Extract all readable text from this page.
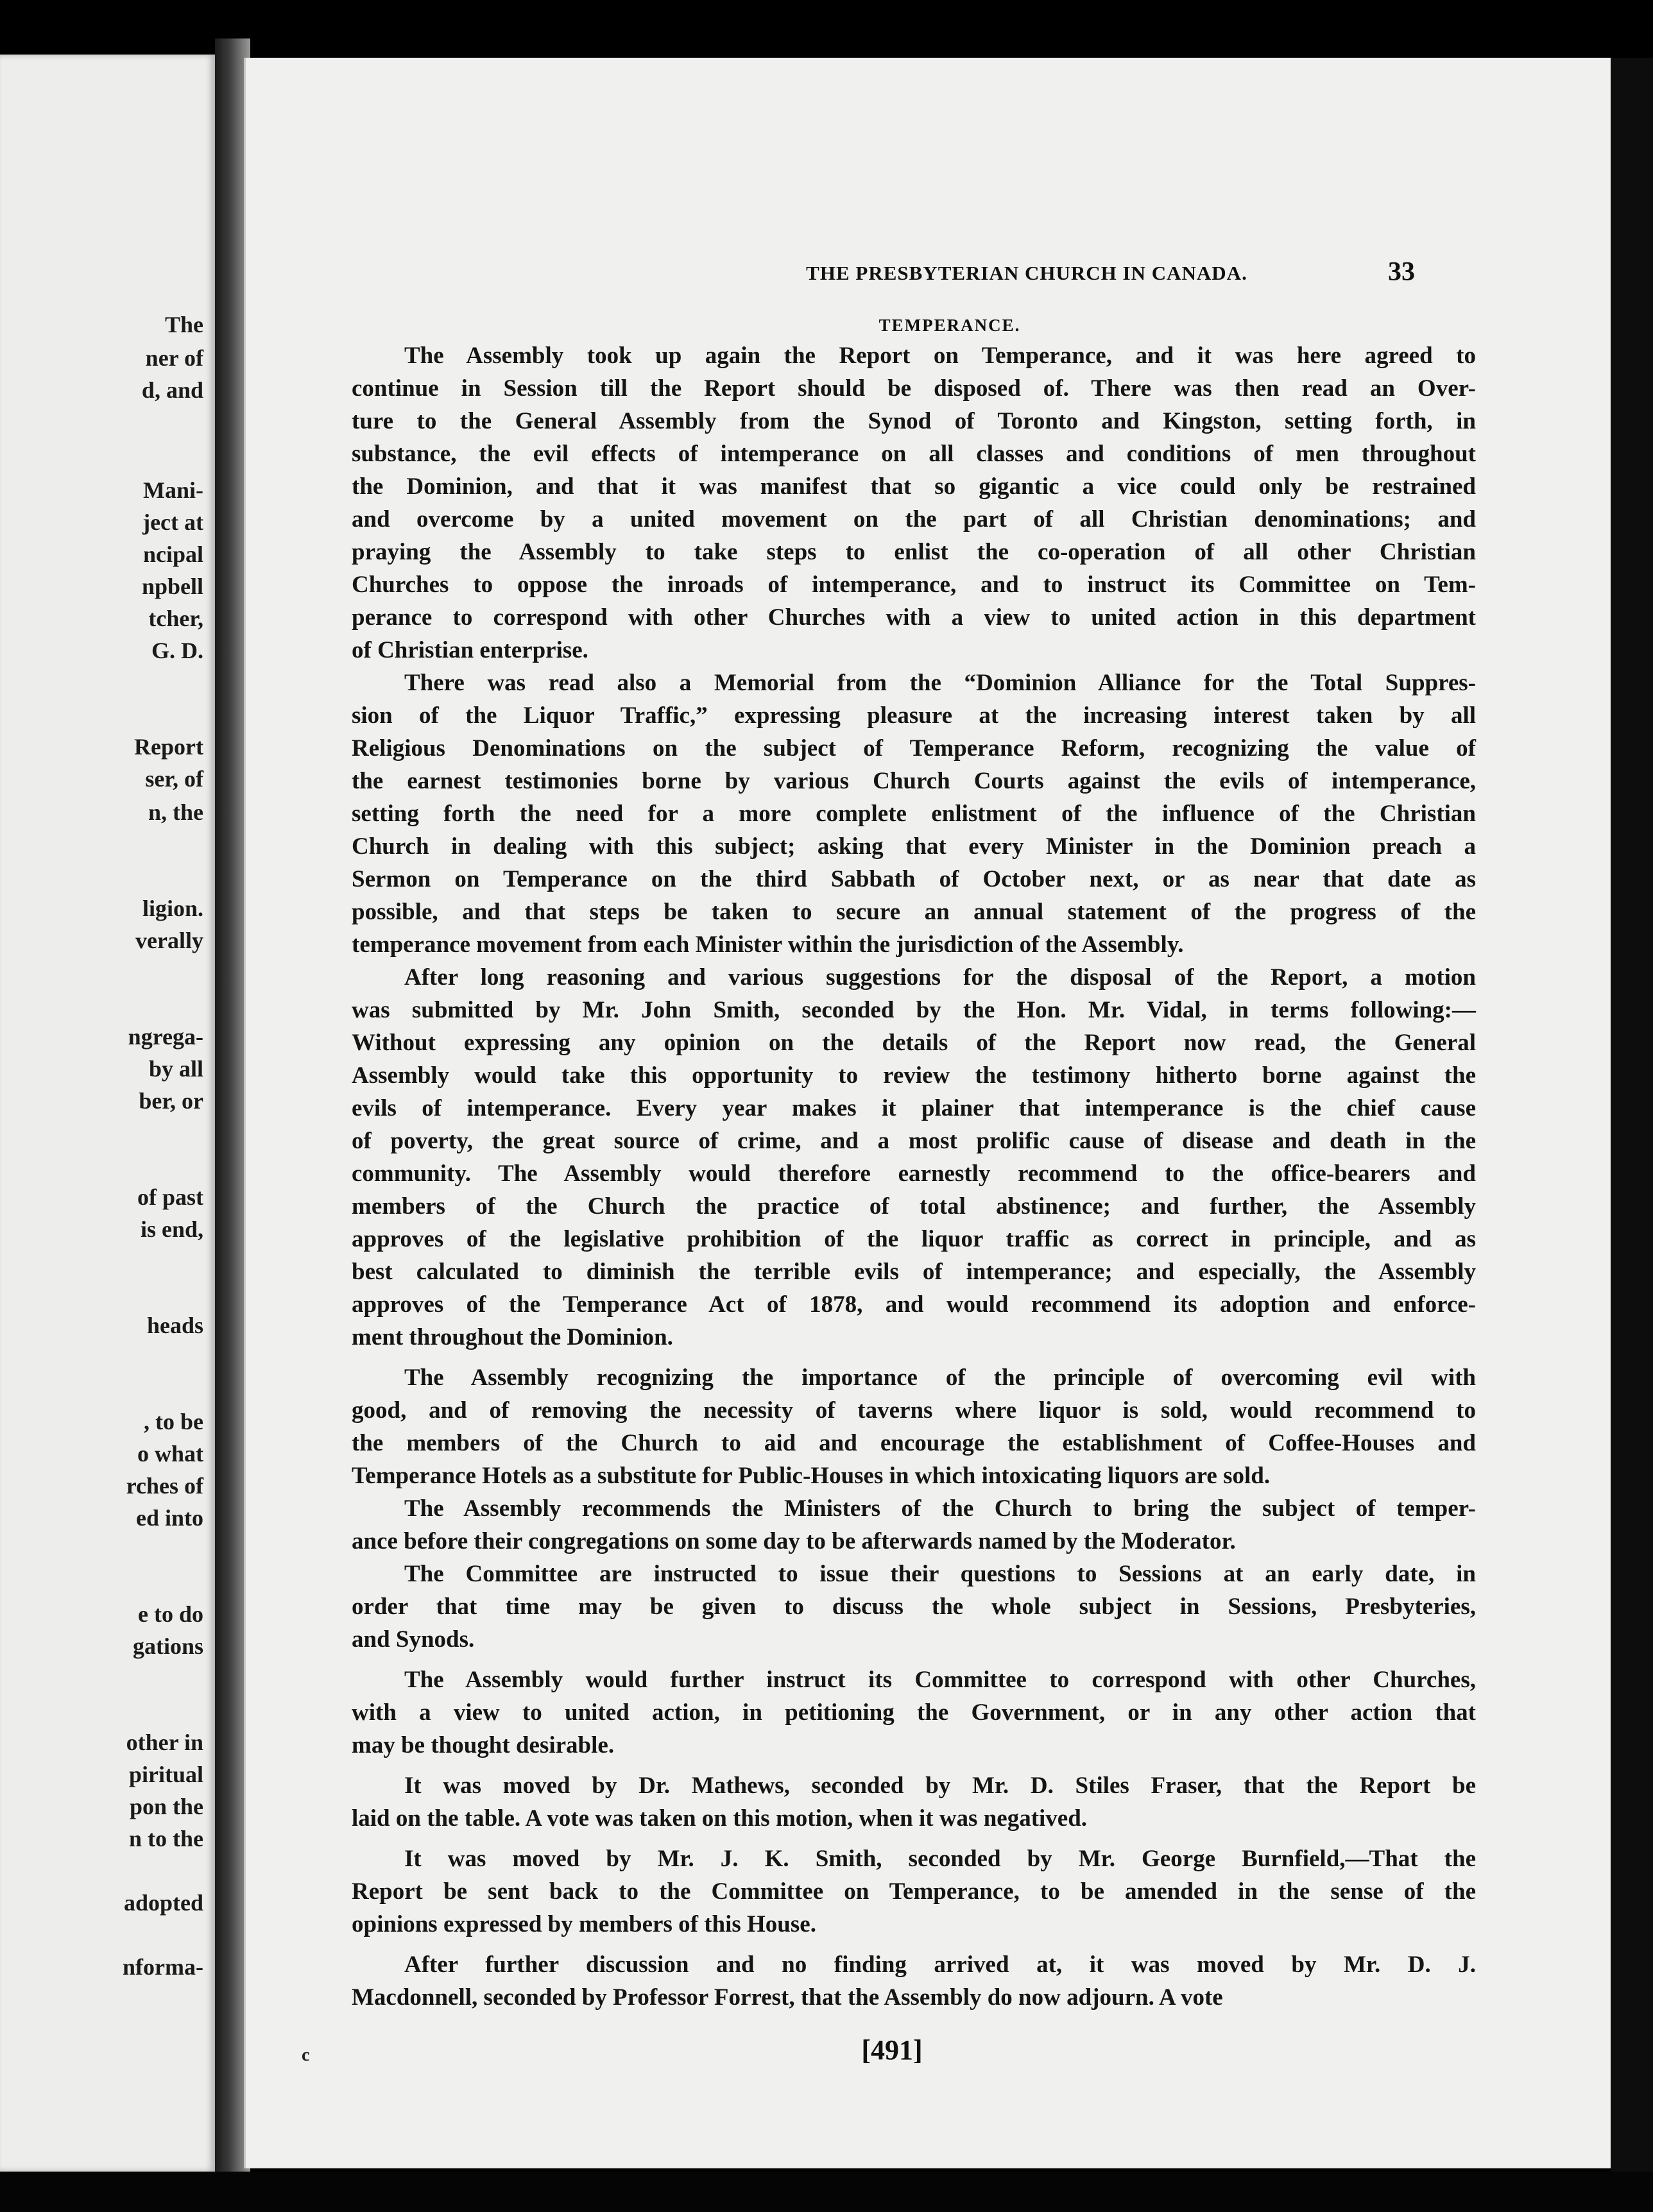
The
ner of
d, and
Mani-
ject at
ncipal
npbell
tcher,
G. D.
Report
ser, of
n, the
ligion.
verally
ngrega-
by all
ber, or
of past
is end,
heads
, to be
o what
rches of
ed into
e to do
gations
other in
piritual
pon the
n to the
adopted
nforma-
THE PRESBYTERIAN CHURCH IN CANADA.	33
TEMPERANCE.
The Assembly took up again the Report on Temperance, and it was here agreed to
continue in Session till the Report should be disposed of. There was then read an Over-
ture to the General Assembly from the Synod of Toronto and Kingston, setting forth, in
substance, the evil effects of intemperance on all classes and conditions of men throughout
the Dominion, and that it was manifest that so gigantic a vice could only be restrained
and overcome by a united movement on the part of all Christian denominations; and
praying the Assembly to take steps to enlist the co-operation of all other Christian
Churches to oppose the inroads of intemperance, and to instruct its Committee on Tem-
perance to correspond with other Churches with a view to united action in this department
of Christian enterprise.
There was read also a Memorial from the “Dominion Alliance for the Total Suppres-
sion of the Liquor Traffic,” expressing pleasure at the increasing interest taken by all
Religious Denominations on the subject of Temperance Reform, recognizing the value of
the earnest testimonies borne by various Church Courts against the evils of intemperance,
setting forth the need for a more complete enlistment of the influence of the Christian
Church in dealing with this subject; asking that every Minister in the Dominion preach a
Sermon on Temperance on the third Sabbath of October next, or as near that date as
possible, and that steps be taken to secure an annual statement of the progress of the
temperance movement from each Minister within the jurisdiction of the Assembly.
After long reasoning and various suggestions for the disposal of the Report, a motion
was submitted by Mr. John Smith, seconded by the Hon. Mr. Vidal, in terms following:—
Without expressing any opinion on the details of the Report now read, the General
Assembly would take this opportunity to review the testimony hitherto borne against the
evils of intemperance. Every year makes it plainer that intemperance is the chief cause
of poverty, the great source of crime, and a most prolific cause of disease and death in the
community. The Assembly would therefore earnestly recommend to the office-bearers and
members of the Church the practice of total abstinence; and further, the Assembly
approves of the legislative prohibition of the liquor traffic as correct in principle, and as
best calculated to diminish the terrible evils of intemperance; and especially, the Assembly
approves of the Temperance Act of 1878, and would recommend its adoption and enforce-
ment throughout the Dominion.
The Assembly recognizing the importance of the principle of overcoming evil with
good, and of removing the necessity of taverns where liquor is sold, would recommend to
the members of the Church to aid and encourage the establishment of Coffee-Houses and
Temperance Hotels as a substitute for Public-Houses in which intoxicating liquors are sold.
The Assembly recommends the Ministers of the Church to bring the subject of temper-
ance before their congregations on some day to be afterwards named by the Moderator.
The Committee are instructed to issue their questions to Sessions at an early date, in
order that time may be given to discuss the whole subject in Sessions, Presbyteries,
and Synods.
The Assembly would further instruct its Committee to correspond with other Churches,
with a view to united action, in petitioning the Government, or in any other action that
may be thought desirable.
It was moved by Dr. Mathews, seconded by Mr. D. Stiles Fraser, that the Report be
laid on the table. A vote was taken on this motion, when it was negatived.
It was moved by Mr. J. K. Smith, seconded by Mr. George Burnfield,—That the
Report be sent back to the Committee on Temperance, to be amended in the sense of the
opinions expressed by members of this House.
After further discussion and no finding arrived at, it was moved by Mr. D. J.
Macdonnell, seconded by Professor Forrest, that the Assembly do now adjourn. A vote
c	[491]
